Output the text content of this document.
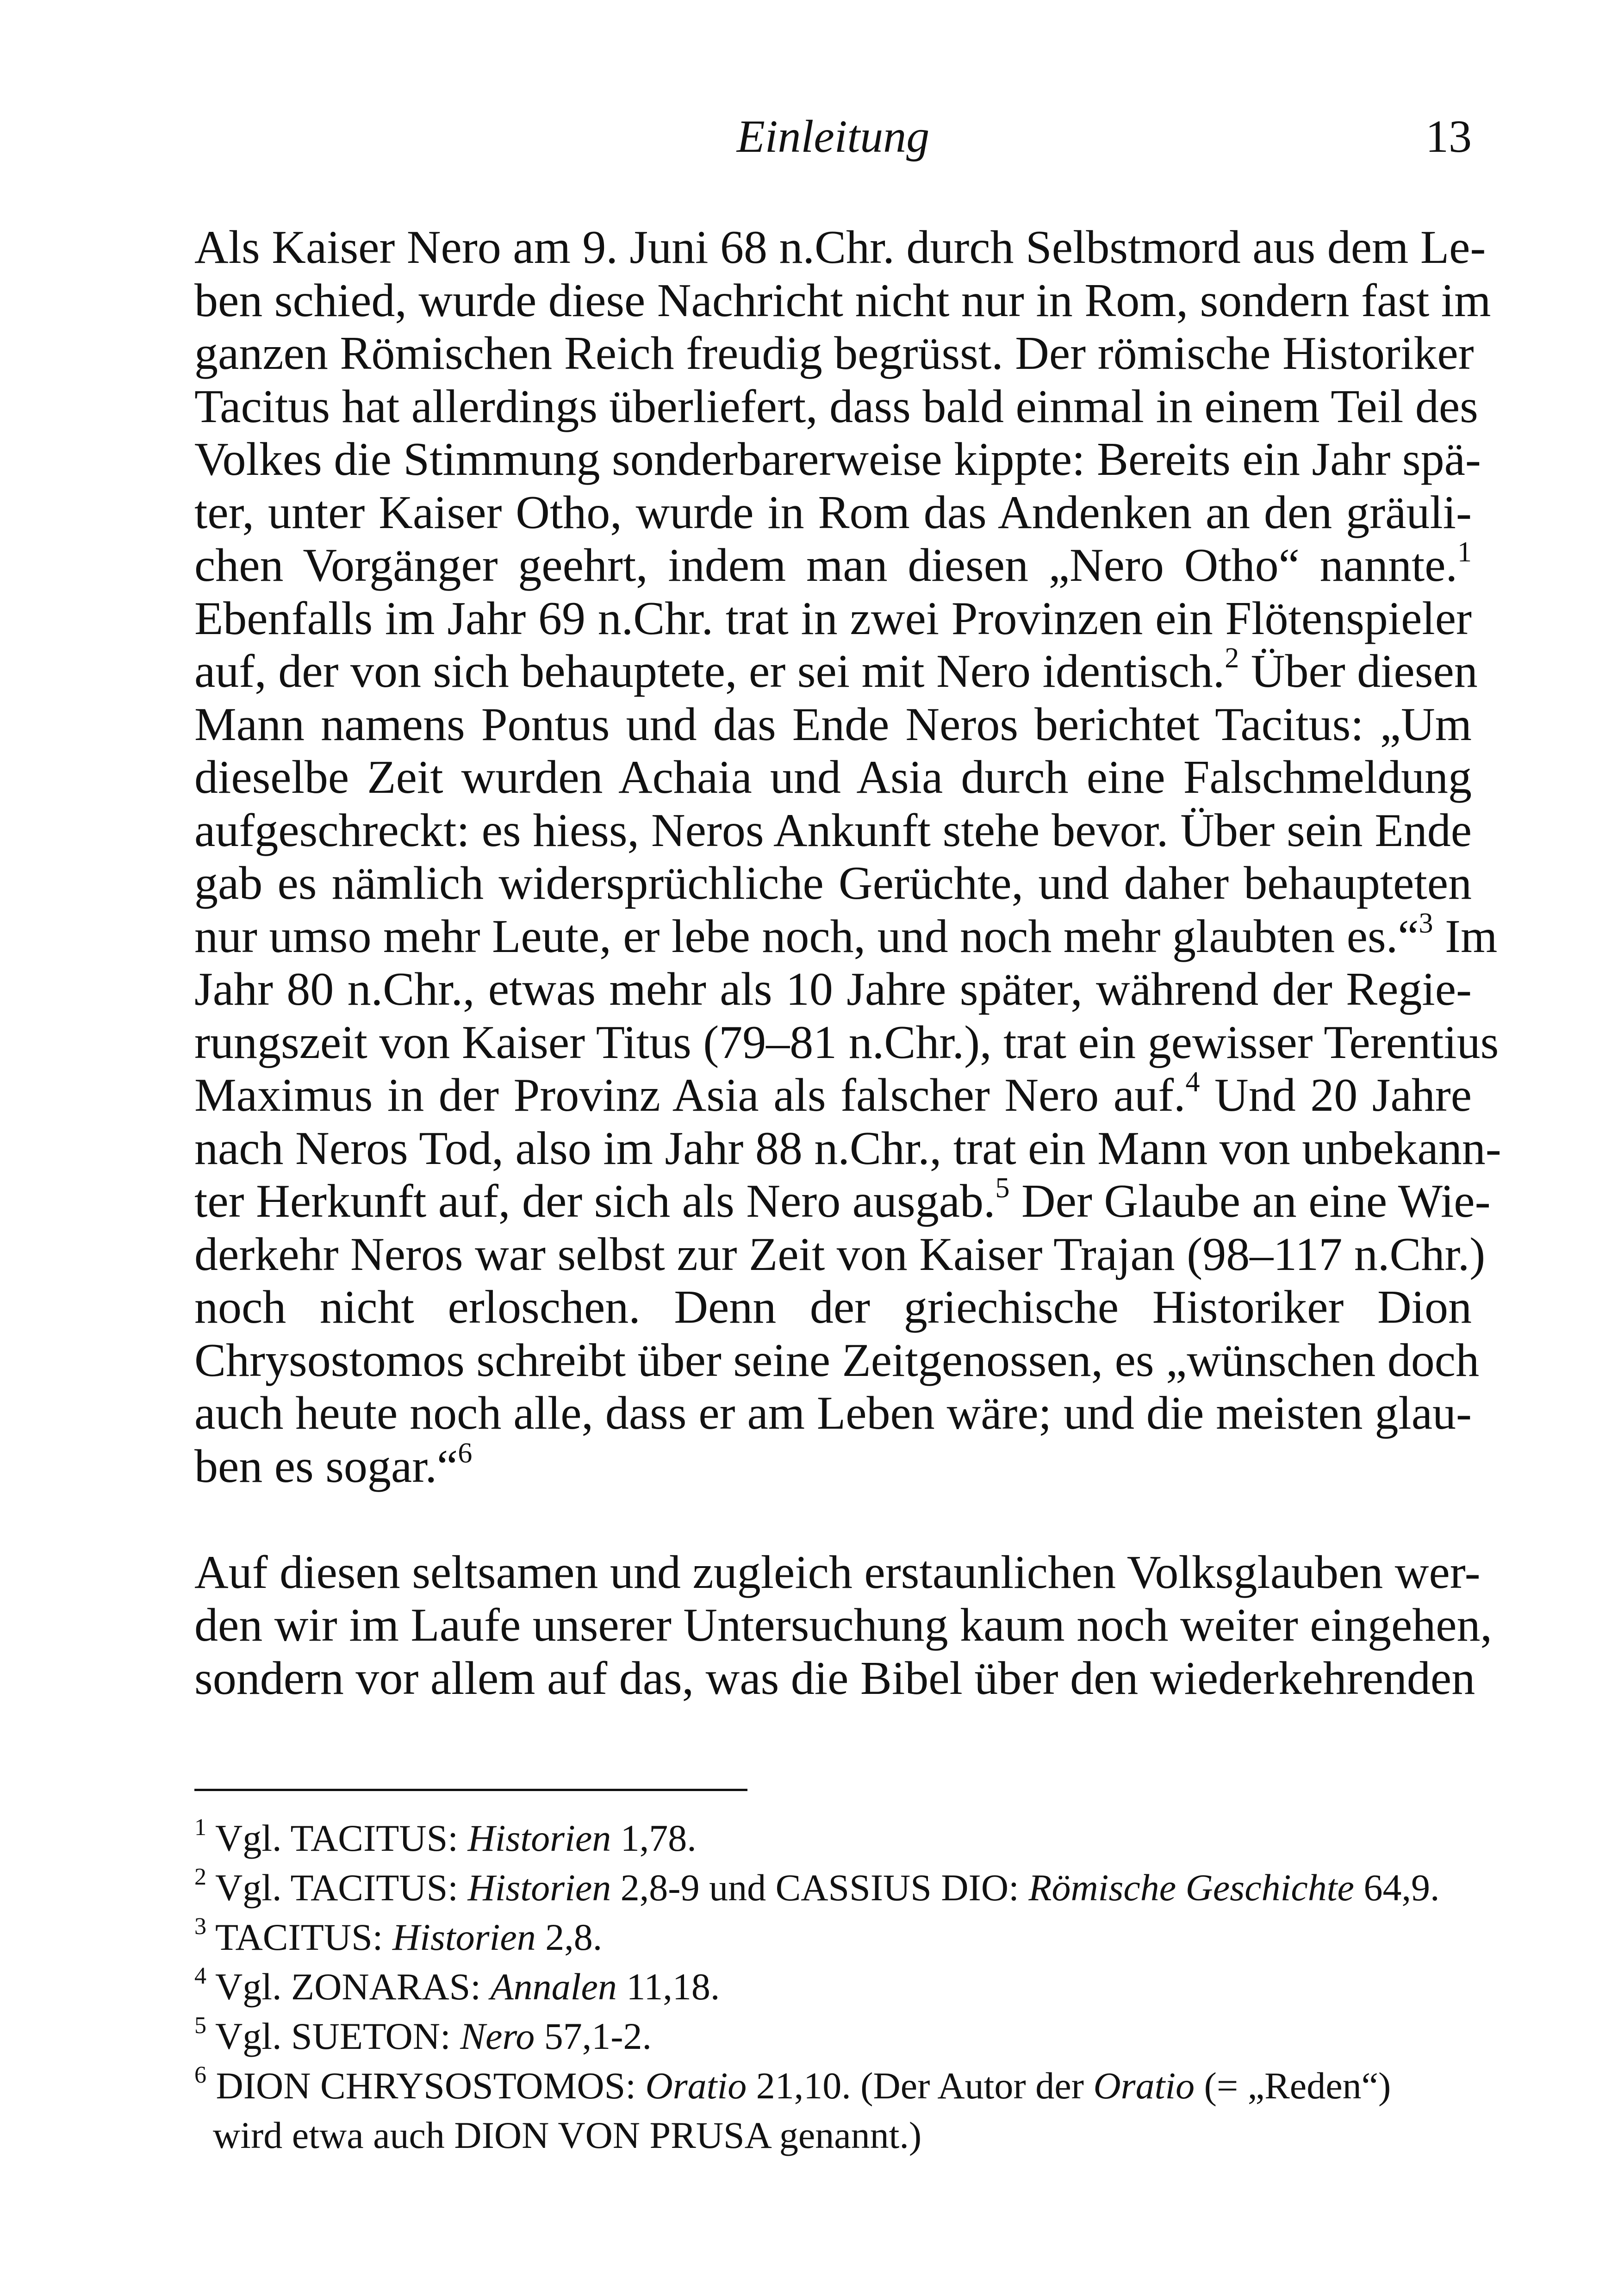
Einleitung	13
Als Kaiser Nero am 9. Juni 68 n.Chr. durch Selbstmord aus dem Le-
ben schied, wurde diese Nachricht nicht nur in Rom, sondern fast im
ganzen Römischen Reich freudig begrüsst. Der römische Historiker
Tacitus hat allerdings überliefert, dass bald einmal in einem Teil des
Volkes die Stimmung sonderbarerweise kippte: Bereits ein Jahr spä-
ter, unter Kaiser Otho, wurde in Rom das Andenken an den gräuli-
chen Vorgänger geehrt, indem man diesen „Nero Otho“ nannte.$^1$
Ebenfalls im Jahr 69 n.Chr. trat in zwei Provinzen ein Flötenspieler
auf, der von sich behauptete, er sei mit Nero identisch.$^2$ Über diesen
Mann namens Pontus und das Ende Neros berichtet Tacitus: „Um
dieselbe Zeit wurden Achaia und Asia durch eine Falschmeldung
aufgeschreckt: es hiess, Neros Ankunft stehe bevor. Über sein Ende
gab es nämlich widersprüchliche Gerüchte, und daher behaupteten
nur umso mehr Leute, er lebe noch, und noch mehr glaubten es.“$^3$ Im
Jahr 80 n.Chr., etwas mehr als 10 Jahre später, während der Regie-
rungszeit von Kaiser Titus (79–81 n.Chr.), trat ein gewisser Terentius
Maximus in der Provinz Asia als falscher Nero auf.$^4$ Und 20 Jahre
nach Neros Tod, also im Jahr 88 n.Chr., trat ein Mann von unbekann-
ter Herkunft auf, der sich als Nero ausgab.$^5$ Der Glaube an eine Wie-
derkehr Neros war selbst zur Zeit von Kaiser Trajan (98–117 n.Chr.)
noch nicht erloschen. Denn der griechische Historiker Dion
Chrysostomos schreibt über seine Zeitgenossen, es „wünschen doch
auch heute noch alle, dass er am Leben wäre; und die meisten glau-
ben es sogar.“$^6$
Auf diesen seltsamen und zugleich erstaunlichen Volksglauben wer-
den wir im Laufe unserer Untersuchung kaum noch weiter eingehen,
sondern vor allem auf das, was die Bibel über den wiederkehrenden
$^1$ Vgl. TACITUS: Historien 1,78.
$^2$ Vgl. TACITUS: Historien 2,8-9 und CASSIUS DIO: Römische Geschichte 64,9.
$^3$ TACITUS: Historien 2,8.
$^4$ Vgl. ZONARAS: Annalen 11,18.
$^5$ Vgl. SUETON: Nero 57,1-2.
$^6$ DION CHRYSOSTOMOS: Oratio 21,10. (Der Autor der Oratio (= „Reden“)
wird etwa auch DION VON PRUSA genannt.)
